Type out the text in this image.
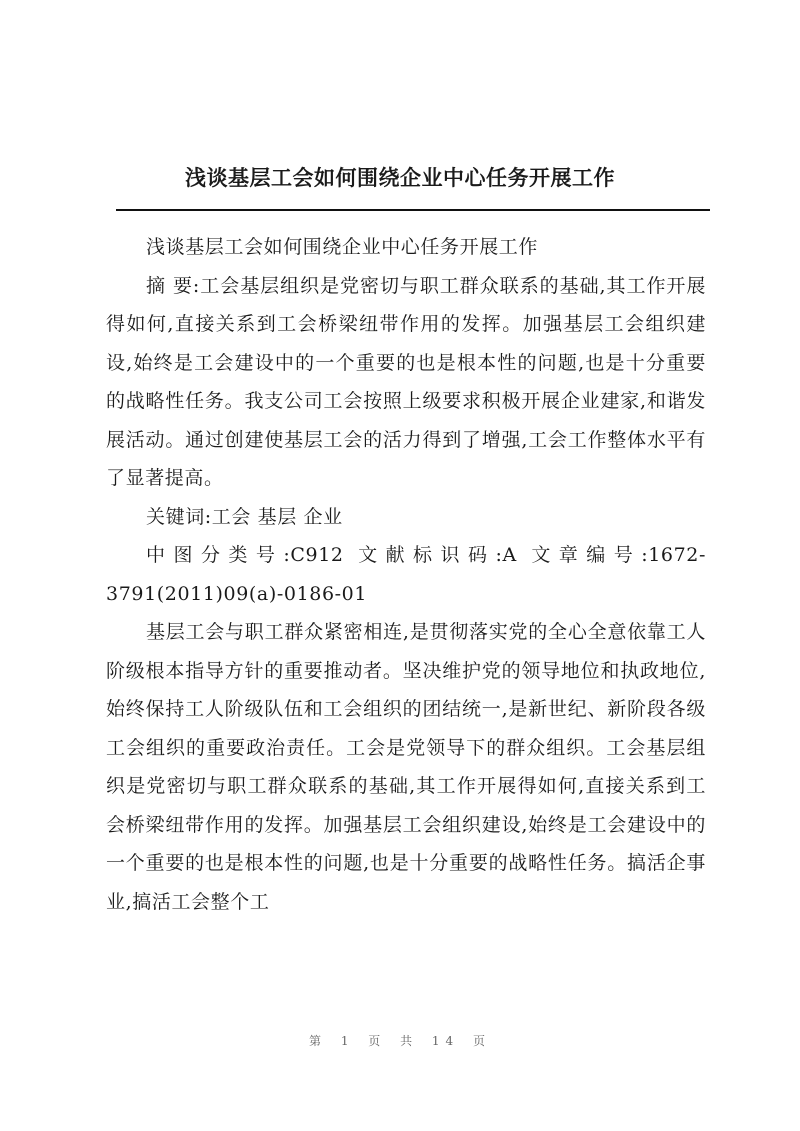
浅谈基层工会如何围绕企业中心任务开展工作

浅谈基层工会如何围绕企业中心任务开展工作

摘 要:工会基层组织是党密切与职工群众联系的基础,其工作开展得如何,直接关系到工会桥梁纽带作用的发挥。加强基层工会组织建设,始终是工会建设中的一个重要的也是根本性的问题,也是十分重要的战略性任务。我支公司工会按照上级要求积极开展企业建家,和谐发展活动。通过创建使基层工会的活力得到了增强,工会工作整体水平有了显著提高。

关键词:工会 基层 企业

中图分类号:C912 文献标识码:A 文章编号:1672-3791(2011)09(a)-0186-01

基层工会与职工群众紧密相连,是贯彻落实党的全心全意依靠工人阶级根本指导方针的重要推动者。坚决维护党的领导地位和执政地位,始终保持工人阶级队伍和工会组织的团结统一,是新世纪、新阶段各级工会组织的重要政治责任。工会是党领导下的群众组织。工会基层组织是党密切与职工群众联系的基础,其工作开展得如何,直接关系到工会桥梁纽带作用的发挥。加强基层工会组织建设,始终是工会建设中的一个重要的也是根本性的问题,也是十分重要的战略性任务。搞活企事业,搞活工会整个工

第 1 页 共 14 页
